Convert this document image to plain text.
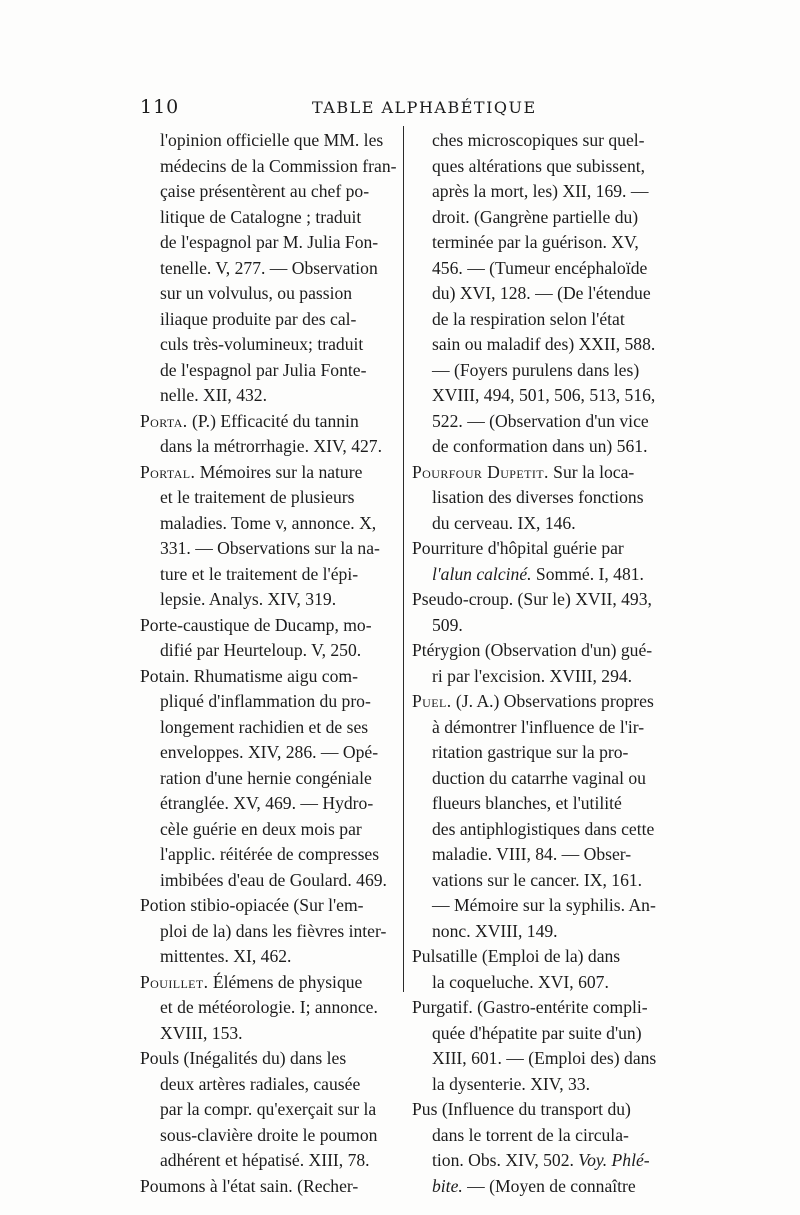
110	TABLE ALPHABÉTIQUE
l'opinion officielle que MM. les
médecins de la Commission fran-
çaise présentèrent au chef po-
litique de Catalogne ; traduit
de l'espagnol par M. Julia Fon-
tenelle. V, 277. — Observation
sur un volvulus, ou passion
iliaque produite par des cal-
culs très-volumineux; traduit
de l'espagnol par Julia Fonte-
nelle. XII, 432.
Porta. (P.) Efficacité du tannin
dans la métrorrhagie. XIV, 427.
Portal. Mémoires sur la nature
et le traitement de plusieurs
maladies. Tome v, annonce. X,
331. — Observations sur la na-
ture et le traitement de l'épi-
lepsie. Analys. XIV, 319.
Porte-caustique de Ducamp, mo-
difié par Heurteloup. V, 250.
Potain. Rhumatisme aigu com-
pliqué d'inflammation du pro-
longement rachidien et de ses
enveloppes. XIV, 286. — Opé-
ration d'une hernie congéniale
étranglée. XV, 469. — Hydro-
cèle guérie en deux mois par
l'applic. réitérée de compresses
imbibées d'eau de Goulard. 469.
Potion stibio-opiacée (Sur l'em-
ploi de la) dans les fièvres inter-
mittentes. XI, 462.
Pouillet. Élémens de physique
et de météorologie. I; annonce.
XVIII, 153.
Pouls (Inégalités du) dans les
deux artères radiales, causée
par la compr. qu'exerçait sur la
sous-clavière droite le poumon
adhérent et hépatisé. XIII, 78.
Poumons à l'état sain. (Recher-
ches microscopiques sur quel-
ques altérations que subissent,
après la mort, les) XII, 169. —
droit. (Gangrène partielle du)
terminée par la guérison. XV,
456. — (Tumeur encéphaloïde
du) XVI, 128. — (De l'étendue
de la respiration selon l'état
sain ou maladif des) XXII, 588.
— (Foyers purulens dans les)
XVIII, 494, 501, 506, 513, 516,
522. — (Observation d'un vice
de conformation dans un) 561.
Pourfour Dupetit. Sur la loca-
lisation des diverses fonctions
du cerveau. IX, 146.
Pourriture d'hôpital guérie par
l'alun calciné. Sommé. I, 481.
Pseudo-croup. (Sur le) XVII, 493,
509.
Ptérygion (Observation d'un) gué-
ri par l'excision. XVIII, 294.
Puel. (J. A.) Observations propres
à démontrer l'influence de l'ir-
ritation gastrique sur la pro-
duction du catarrhe vaginal ou
flueurs blanches, et l'utilité
des antiphlogistiques dans cette
maladie. VIII, 84. — Obser-
vations sur le cancer. IX, 161.
— Mémoire sur la syphilis. An-
nonc. XVIII, 149.
Pulsatille (Emploi de la) dans
la coqueluche. XVI, 607.
Purgatif. (Gastro-entérite compli-
quée d'hépatite par suite d'un)
XIII, 601. — (Emploi des) dans
la dysenterie. XIV, 33.
Pus (Influence du transport du)
dans le torrent de la circula-
tion. Obs. XIV, 502. Voy. Phlé-
bite. — (Moyen de connaître
